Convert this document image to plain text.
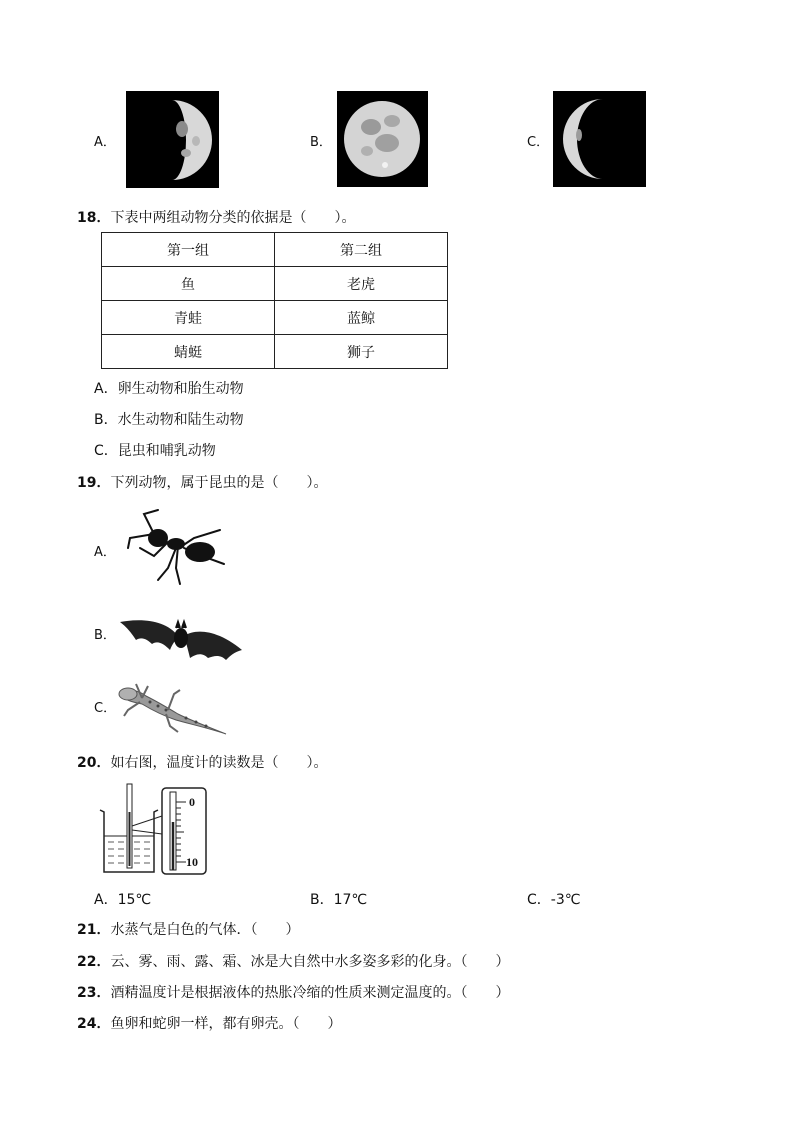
A．	B．	C．
18．下表中两组动物分类的依据是（　　）。
第一组	第二组
鱼	老虎
青蛙	蓝鲸
蜻蜓	狮子
A．卵生动物和胎生动物
B．水生动物和陆生动物
C．昆虫和哺乳动物
19．下列动物，属于昆虫的是（　　）。
A．
B．
C．
20．如右图，温度计的读数是（　　）。
0
10
A．15℃	B．17℃	C．-3℃
21．水蒸气是白色的气体．（　　）
22．云、雾、雨、露、霜、冰是大自然中水多姿多彩的化身。（　　）
23．酒精温度计是根据液体的热胀冷缩的性质来测定温度的。（　　）
24．鱼卵和蛇卵一样，都有卵壳。（　　）
